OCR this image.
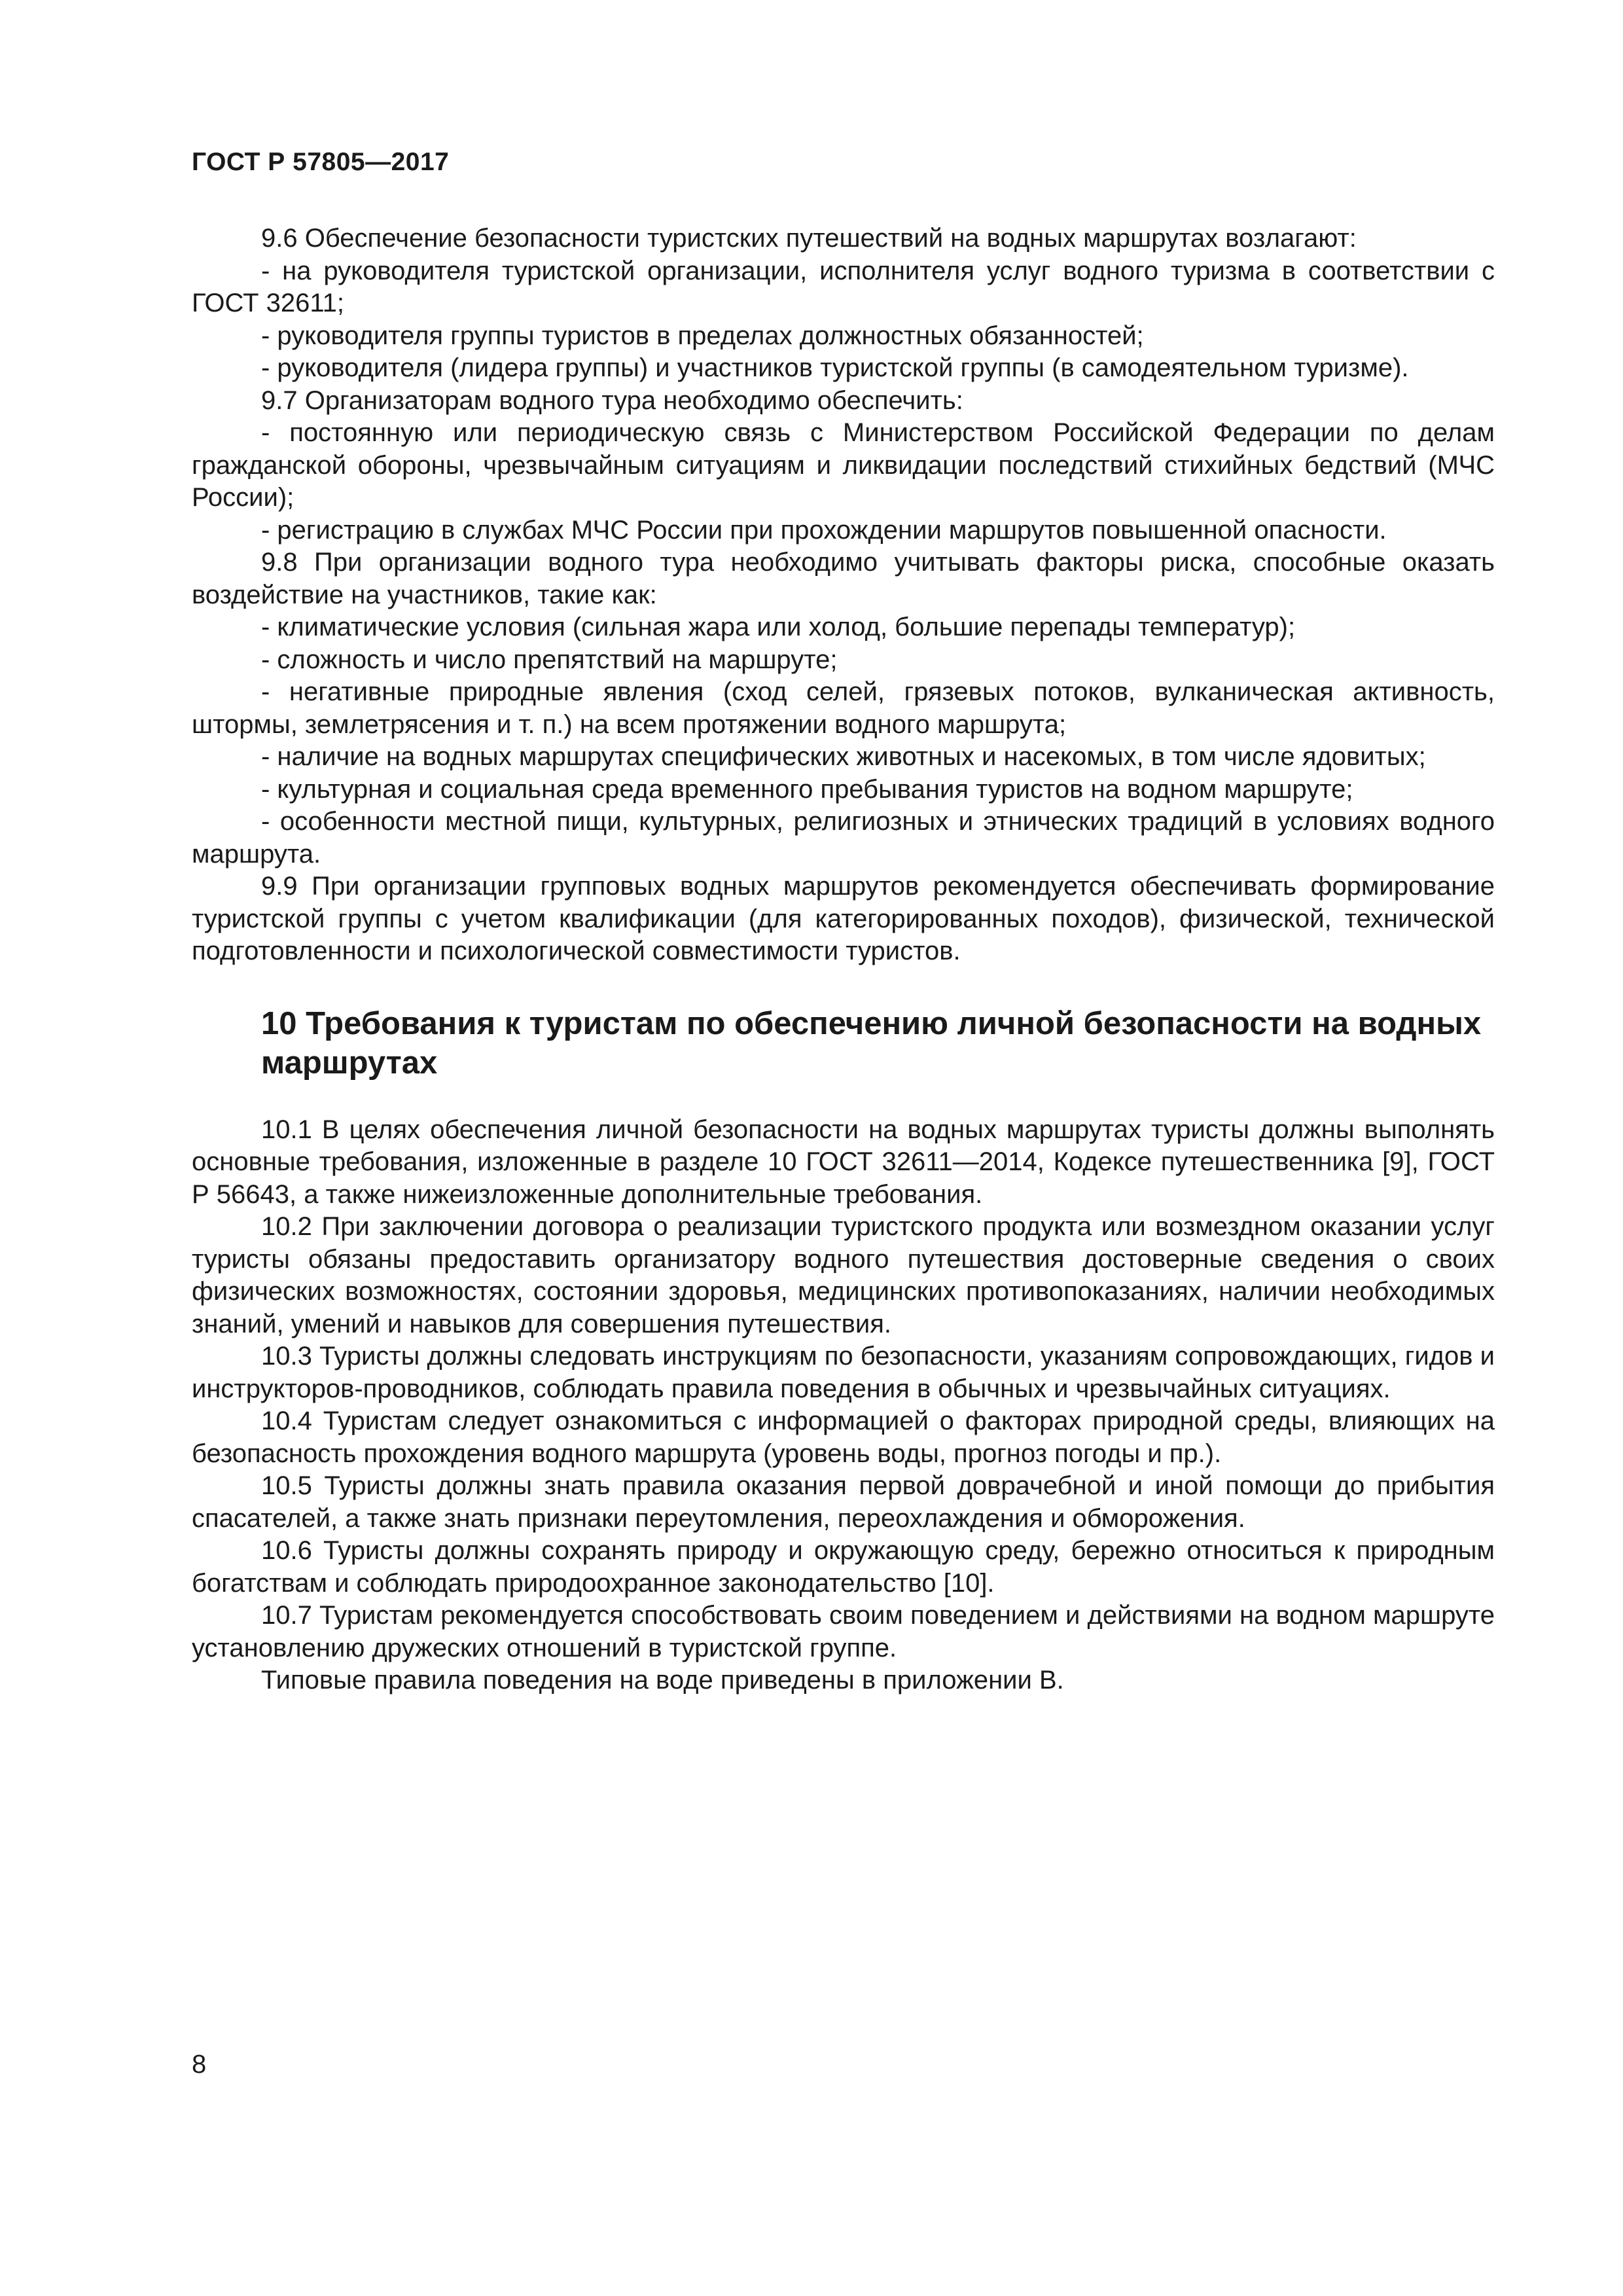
ГОСТ Р 57805—2017

9.6 Обеспечение безопасности туристских путешествий на водных маршрутах возлагают:

- на руководителя туристской организации, исполнителя услуг водного туризма в соответствии с ГОСТ 32611;

- руководителя группы туристов в пределах должностных обязанностей;

- руководителя (лидера группы) и участников туристской группы (в самодеятельном туризме).

9.7 Организаторам водного тура необходимо обеспечить:

- постоянную или периодическую связь с Министерством Российской Федерации по делам гражданской обороны, чрезвычайным ситуациям и ликвидации последствий стихийных бедствий (МЧС России);

- регистрацию в службах МЧС России при прохождении маршрутов повышенной опасности.

9.8 При организации водного тура необходимо учитывать факторы риска, способные оказать воздействие на участников, такие как:

- климатические условия (сильная жара или холод, большие перепады температур);

- сложность и число препятствий на маршруте;

- негативные природные явления (сход селей, грязевых потоков, вулканическая активность, штормы, землетрясения и т. п.) на всем протяжении водного маршрута;

- наличие на водных маршрутах специфических животных и насекомых, в том числе ядовитых;

- культурная и социальная среда временного пребывания туристов на водном маршруте;

- особенности местной пищи, культурных, религиозных и этнических традиций в условиях водного маршрута.

9.9 При организации групповых водных маршрутов рекомендуется обеспечивать формирование туристской группы с учетом квалификации (для категорированных походов), физической, технической подготовленности и психологической совместимости туристов.

10 Требования к туристам по обеспечению личной безопасности на водных маршрутах

10.1 В целях обеспечения личной безопасности на водных маршрутах туристы должны выполнять основные требования, изложенные в разделе 10 ГОСТ 32611—2014, Кодексе путешественника [9], ГОСТ Р 56643, а также нижеизложенные дополнительные требования.

10.2 При заключении договора о реализации туристского продукта или возмездном оказании услуг туристы обязаны предоставить организатору водного путешествия достоверные сведения о своих физических возможностях, состоянии здоровья, медицинских противопоказаниях, наличии необходимых знаний, умений и навыков для совершения путешествия.

10.3 Туристы должны следовать инструкциям по безопасности, указаниям сопровождающих, гидов и инструкторов-проводников, соблюдать правила поведения в обычных и чрезвычайных ситуациях.

10.4 Туристам следует ознакомиться с информацией о факторах природной среды, влияющих на безопасность прохождения водного маршрута (уровень воды, прогноз погоды и пр.).

10.5 Туристы должны знать правила оказания первой доврачебной и иной помощи до прибытия спасателей, а также знать признаки переутомления, переохлаждения и обморожения.

10.6 Туристы должны сохранять природу и окружающую среду, бережно относиться к природным богатствам и соблюдать природоохранное законодательство [10].

10.7 Туристам рекомендуется способствовать своим поведением и действиями на водном маршруте установлению дружеских отношений в туристской группе.

Типовые правила поведения на воде приведены в приложении В.

8
